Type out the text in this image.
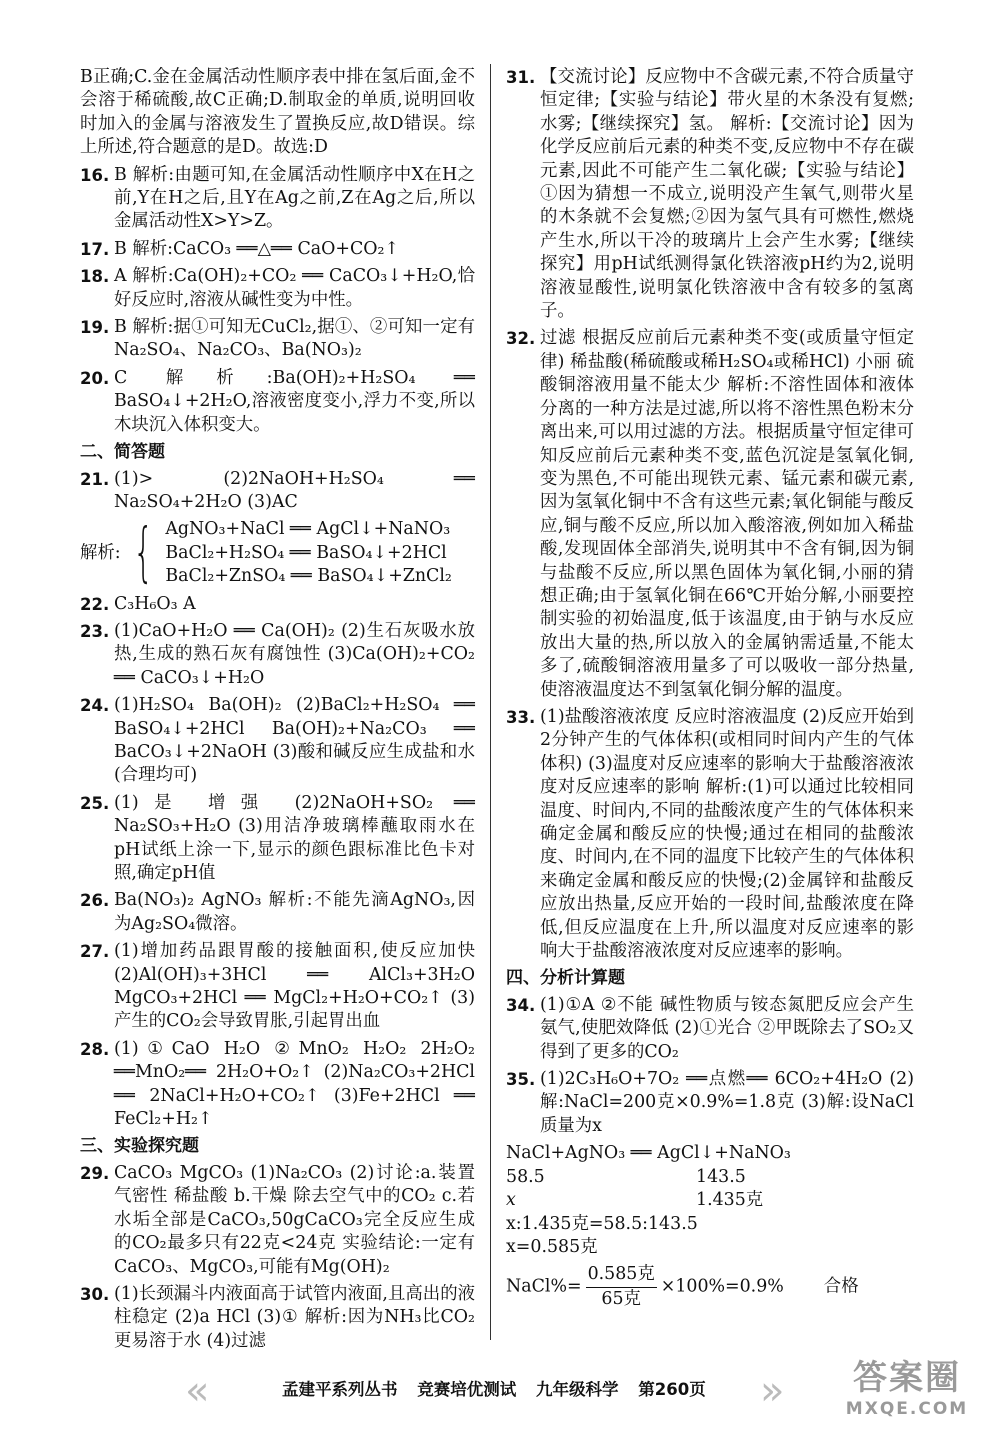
B正确;C.金在金属活动性顺序表中排在氢后面,金不会溶于稀硫酸,故C正确;D.制取金的单质,说明回收时加入的金属与溶液发生了置换反应,故D错误。综上所述,符合题意的是D。故选:D

16. B 解析:由题可知,在金属活动性顺序中X在H之前,Y在H之后,且Y在Ag之前,Z在Ag之后,所以金属活动性X>Y>Z。
17. B 解析:CaCO₃ ══△══ CaO+CO₂↑
18. A 解析:Ca(OH)₂+CO₂ ══ CaCO₃↓+H₂O,恰好反应时,溶液从碱性变为中性。
19. B 解析:据①可知无CuCl₂,据①、②可知一定有Na₂SO₄、Na₂CO₃、Ba(NO₃)₂
20. C 解析:Ba(OH)₂+H₂SO₄ ══ BaSO₄↓+2H₂O,溶液密度变小,浮力不变,所以木块沉入体积变大。
二、简答题
21. (1)> (2)2NaOH+H₂SO₄ ══ Na₂SO₄+2H₂O (3)AC
解析: { AgNO₃+NaCl ══ AgCl↓+NaNO₃
BaCl₂+H₂SO₄ ══ BaSO₄↓+2HCl
BaCl₂+ZnSO₄ ══ BaSO₄↓+ZnCl₂
22. C₃H₆O₃ A
23. (1)CaO+H₂O ══ Ca(OH)₂ (2)生石灰吸水放热,生成的熟石灰有腐蚀性 (3)Ca(OH)₂+CO₂ ══ CaCO₃↓+H₂O
24. (1)H₂SO₄ Ba(OH)₂ (2)BaCl₂+H₂SO₄ ══ BaSO₄↓+2HCl Ba(OH)₂+Na₂CO₃ ══ BaCO₃↓+2NaOH (3)酸和碱反应生成盐和水(合理均可)
25. (1)是 增强 (2)2NaOH+SO₂ ══ Na₂SO₃+H₂O (3)用洁净玻璃棒蘸取雨水在pH试纸上涂一下,显示的颜色跟标准比色卡对照,确定pH值
26. Ba(NO₃)₂ AgNO₃ 解析:不能先滴AgNO₃,因为Ag₂SO₄微溶。
27. (1)增加药品跟胃酸的接触面积,使反应加快 (2)Al(OH)₃+3HCl ══ AlCl₃+3H₂O MgCO₃+2HCl ══ MgCl₂+H₂O+CO₂↑ (3)产生的CO₂会导致胃胀,引起胃出血
28. (1)①CaO H₂O ②MnO₂ H₂O₂ 2H₂O₂ ══MnO₂══ 2H₂O+O₂↑ (2)Na₂CO₃+2HCl ══ 2NaCl+H₂O+CO₂↑ (3)Fe+2HCl ══ FeCl₂+H₂↑
三、实验探究题
29. CaCO₃ MgCO₃ (1)Na₂CO₃ (2)讨论:a.装置气密性 稀盐酸 b.干燥 除去空气中的CO₂ c.若水垢全部是CaCO₃,50gCaCO₃完全反应生成的CO₂最多只有22克<24克 实验结论:一定有CaCO₃、MgCO₃,可能有Mg(OH)₂
30. (1)长颈漏斗内液面高于试管内液面,且高出的液柱稳定 (2)a HCl (3)① 解析:因为NH₃比CO₂更易溶于水 (4)过滤
31. 【交流讨论】反应物中不含碳元素,不符合质量守恒定律;【实验与结论】带火星的木条没有复燃;水雾;【继续探究】氢。 解析:【交流讨论】因为化学反应前后元素的种类不变,反应物中不存在碳元素,因此不可能产生二氧化碳;【实验与结论】①因为猜想一不成立,说明没产生氧气,则带火星的木条就不会复燃;②因为氢气具有可燃性,燃烧产生水,所以干冷的玻璃片上会产生水雾;【继续探究】用pH试纸测得氯化铁溶液pH约为2,说明溶液显酸性,说明氯化铁溶液中含有较多的氢离子。
32. 过滤 根据反应前后元素种类不变(或质量守恒定律) 稀盐酸(稀硫酸或稀H₂SO₄或稀HCl) 小丽 硫酸铜溶液用量不能太少 解析:不溶性固体和液体分离的一种方法是过滤,所以将不溶性黑色粉末分离出来,可以用过滤的方法。根据质量守恒定律可知反应前后元素种类不变,蓝色沉淀是氢氧化铜,变为黑色,不可能出现铁元素、锰元素和碳元素,因为氢氧化铜中不含有这些元素;氧化铜能与酸反应,铜与酸不反应,所以加入酸溶液,例如加入稀盐酸,发现固体全部消失,说明其中不含有铜,因为铜与盐酸不反应,所以黑色固体为氧化铜,小丽的猜想正确;由于氢氧化铜在66℃开始分解,小丽要控制实验的初始温度,低于该温度,由于钠与水反应放出大量的热,所以放入的金属钠需适量,不能太多了,硫酸铜溶液用量多了可以吸收一部分热量,使溶液温度达不到氢氧化铜分解的温度。
33. (1)盐酸溶液浓度 反应时溶液温度 (2)反应开始到2分钟产生的气体体积(或相同时间内产生的气体体积) (3)温度对反应速率的影响大于盐酸溶液浓度对反应速率的影响 解析:(1)可以通过比较相同温度、时间内,不同的盐酸浓度产生的气体体积来确定金属和酸反应的快慢;通过在相同的盐酸浓度、时间内,在不同的温度下比较产生的气体体积来确定金属和酸反应的快慢;(2)金属锌和盐酸反应放出热量,反应开始的一段时间,盐酸浓度在降低,但反应温度在上升,所以温度对反应速率的影响大于盐酸溶液浓度对反应速率的影响。
四、分析计算题
34. (1)①A ②不能 碱性物质与铵态氮肥反应会产生氨气,使肥效降低 (2)①光合 ②甲既除去了SO₂又得到了更多的CO₂
35. (1)2C₃H₆O+7O₂ ══点燃══ 6CO₂+4H₂O (2)解:NaCl=200克×0.9%=1.8克 (3)解:设NaCl质量为x
NaCl+AgNO₃ ══ AgCl↓+NaNO₃
58.5	143.5
x	1.435克
x:1.435克=58.5:143.5
x=0.585克
NaCl%= $\frac{\text{0.585克}}{\text{65克}} \times 100\%=0.9\%$ 合格
«	孟建平系列丛书 竞赛培优测试 九年级科学 第260页	»	答案圈
MXQE.COM
